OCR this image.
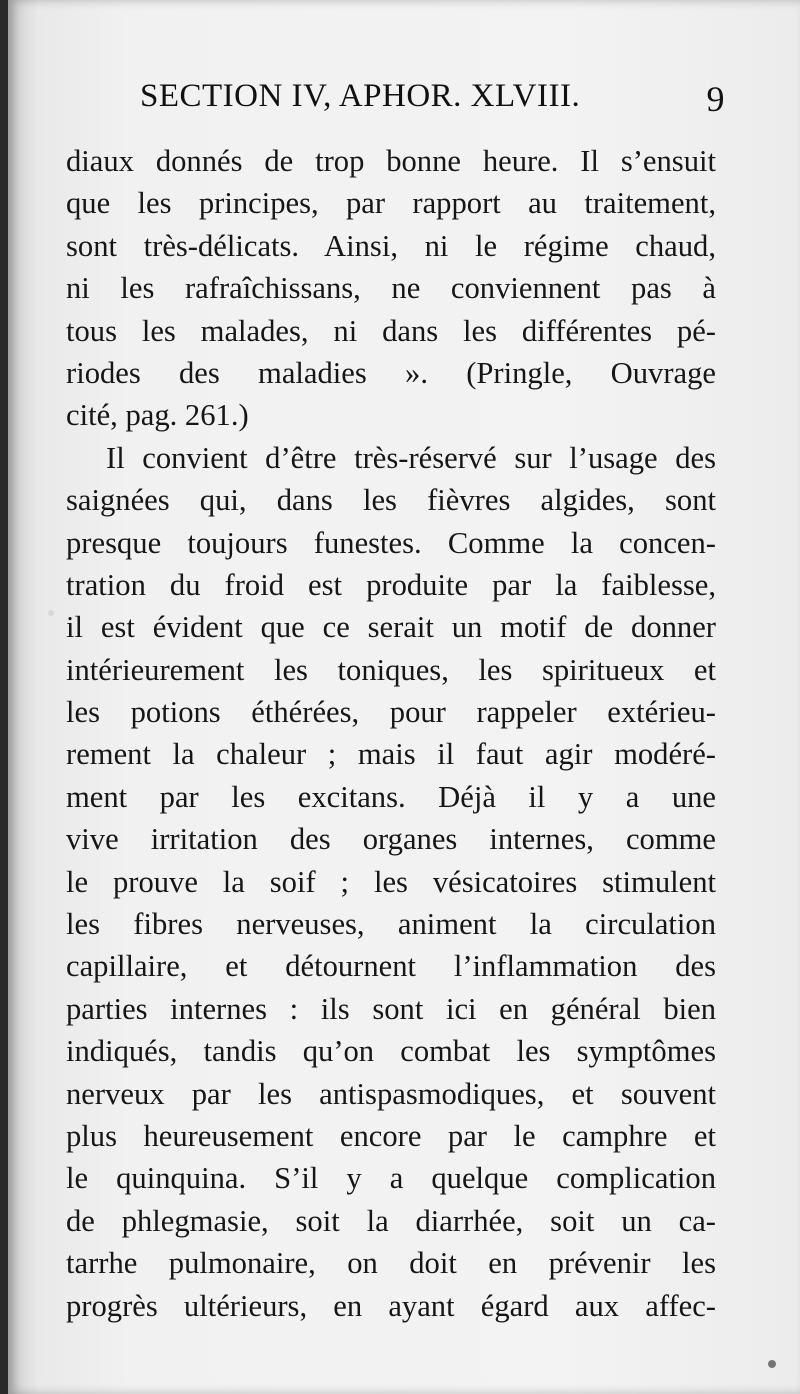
SECTION IV, APHOR. XLVIII.	9
diaux donnés de trop bonne heure. Il s’ensuit
que les principes, par rapport au traitement,
sont très-délicats. Ainsi, ni le régime chaud,
ni les rafraîchissans, ne conviennent pas à
tous les malades, ni dans les différentes pé-
riodes des maladies ». (Pringle, Ouvrage
cité, pag. 261.)
Il convient d’être très-réservé sur l’usage des
saignées qui, dans les fièvres algides, sont
presque toujours funestes. Comme la concen-
tration du froid est produite par la faiblesse,
il est évident que ce serait un motif de donner
intérieurement les toniques, les spiritueux et
les potions éthérées, pour rappeler extérieu-
rement la chaleur ; mais il faut agir modéré-
ment par les excitans. Déjà il y a une
vive irritation des organes internes, comme
le prouve la soif ; les vésicatoires stimulent
les fibres nerveuses, animent la circulation
capillaire, et détournent l’inflammation des
parties internes : ils sont ici en général bien
indiqués, tandis qu’on combat les symptômes
nerveux par les antispasmodiques, et souvent
plus heureusement encore par le camphre et
le quinquina. S’il y a quelque complication
de phlegmasie, soit la diarrhée, soit un ca-
tarrhe pulmonaire, on doit en prévenir les
progrès ultérieurs, en ayant égard aux affec-
